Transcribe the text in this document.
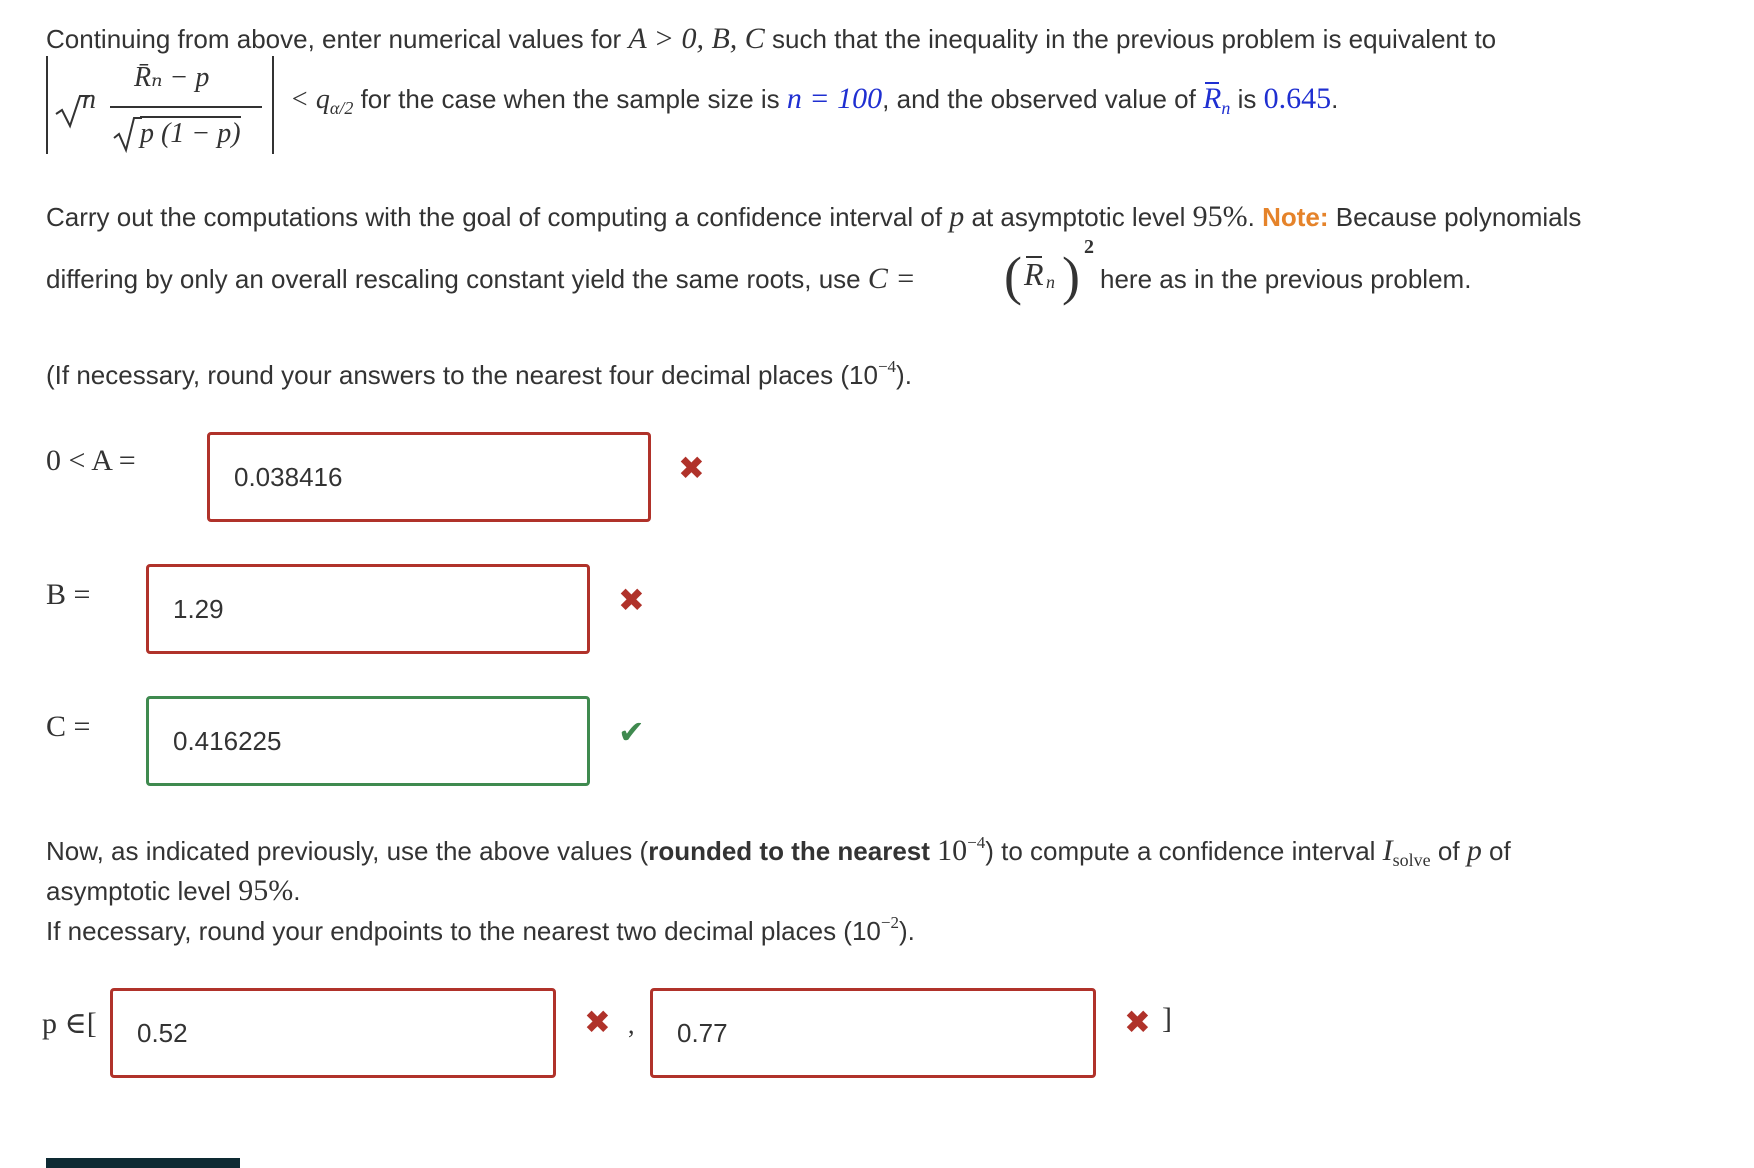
Continuing from above, enter numerical values for A > 0, B, C such that the inequality in the previous problem is equivalent to
n
R̄ₙ − p
p (1 − p)
< $q_{\alpha/2}$ for the case when the sample size is n = 100, and the observed value of $R_n$ is 0.645.
Carry out the computations with the goal of computing a confidence interval of p at asymptotic level 95%. Note: Because polynomials
differing by only an overall rescaling constant yield the same roots, use C = ( R n ) 2
here as in the previous problem.
(If necessary, round your answers to the nearest four decimal places $(10^{-4})$.
0 < A =
0.038416	✖
B =
1.29	✖
C =
0.416225	✔
Now, as indicated previously, use the above values (rounded to the nearest $10^{-4}$) to compute a confidence interval $I_{solve}$ of p of
asymptotic level 95%.
If necessary, round your endpoints to the nearest two decimal places $(10^{-2})$.
p ∈[
0.52	✖ ,
0.77	✖ ]
